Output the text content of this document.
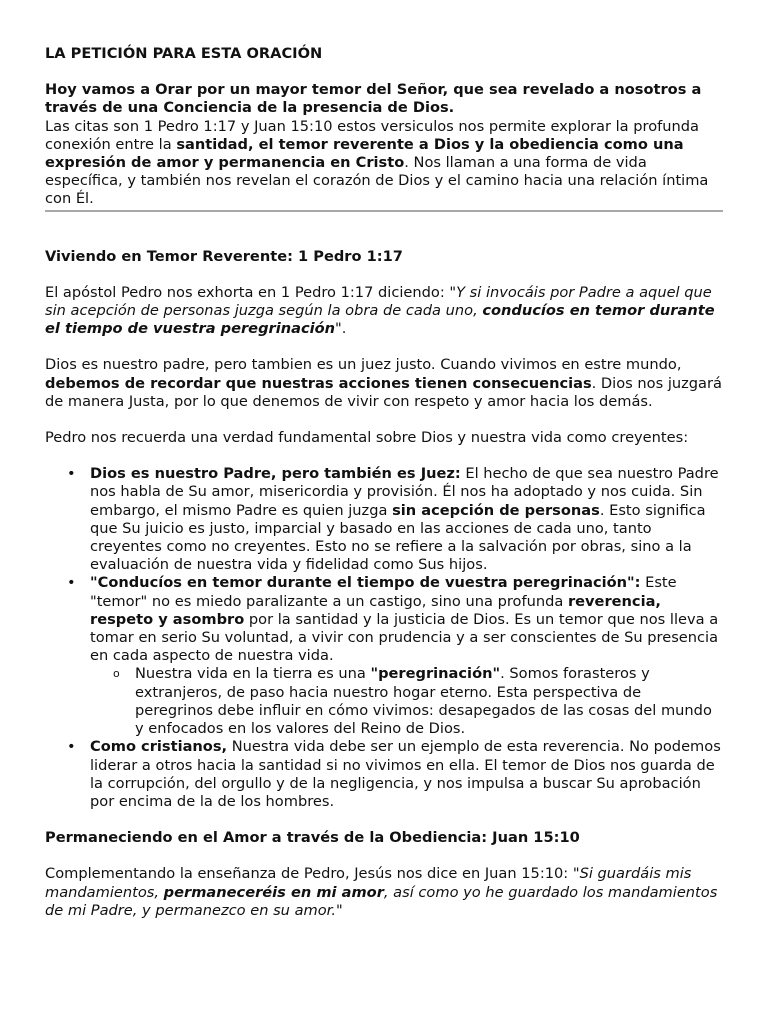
LA PETICIÓN PARA ESTA ORACIÓN

Hoy vamos a Orar por un mayor temor del Señor, que sea revelado a nosotros a través de una Conciencia de la presencia de Dios.

Las citas son 1 Pedro 1:17 y Juan 15:10 estos versiculos nos permite explorar la profunda conexión entre la santidad, el temor reverente a Dios y la obediencia como una expresión de amor y permanencia en Cristo. Nos llaman a una forma de vida específica, y también nos revelan el corazón de Dios y el camino hacia una relación íntima con Él.

Viviendo en Temor Reverente: 1 Pedro 1:17

El apóstol Pedro nos exhorta en 1 Pedro 1:17 diciendo: "Y si invocáis por Padre a aquel que sin acepción de personas juzga según la obra de cada uno, conducíos en temor durante el tiempo de vuestra peregrinación".

Dios es nuestro padre, pero tambien es un juez justo. Cuando vivimos en estre mundo, debemos de recordar que nuestras acciones tienen consecuencias. Dios nos juzgará de manera Justa, por lo que denemos de vivir con respeto y amor hacia los demás.

Pedro nos recuerda una verdad fundamental sobre Dios y nuestra vida como creyentes:

• Dios es nuestro Padre, pero también es Juez: El hecho de que sea nuestro Padre nos habla de Su amor, misericordia y provisión. Él nos ha adoptado y nos cuida. Sin embargo, el mismo Padre es quien juzga sin acepción de personas. Esto significa que Su juicio es justo, imparcial y basado en las acciones de cada uno, tanto creyentes como no creyentes. Esto no se refiere a la salvación por obras, sino a la evaluación de nuestra vida y fidelidad como Sus hijos.
• "Conducíos en temor durante el tiempo de vuestra peregrinación": Este "temor" no es miedo paralizante a un castigo, sino una profunda reverencia, respeto y asombro por la santidad y la justicia de Dios. Es un temor que nos lleva a tomar en serio Su voluntad, a vivir con prudencia y a ser conscientes de Su presencia en cada aspecto de nuestra vida.
o Nuestra vida en la tierra es una "peregrinación". Somos forasteros y extranjeros, de paso hacia nuestro hogar eterno. Esta perspectiva de peregrinos debe influir en cómo vivimos: desapegados de las cosas del mundo y enfocados en los valores del Reino de Dios.
• Como cristianos, Nuestra vida debe ser un ejemplo de esta reverencia. No podemos liderar a otros hacia la santidad si no vivimos en ella. El temor de Dios nos guarda de la corrupción, del orgullo y de la negligencia, y nos impulsa a buscar Su aprobación por encima de la de los hombres.

Permaneciendo en el Amor a través de la Obediencia: Juan 15:10

Complementando la enseñanza de Pedro, Jesús nos dice en Juan 15:10: "Si guardáis mis mandamientos, permaneceréis en mi amor, así como yo he guardado los mandamientos de mi Padre, y permanezco en su amor."
